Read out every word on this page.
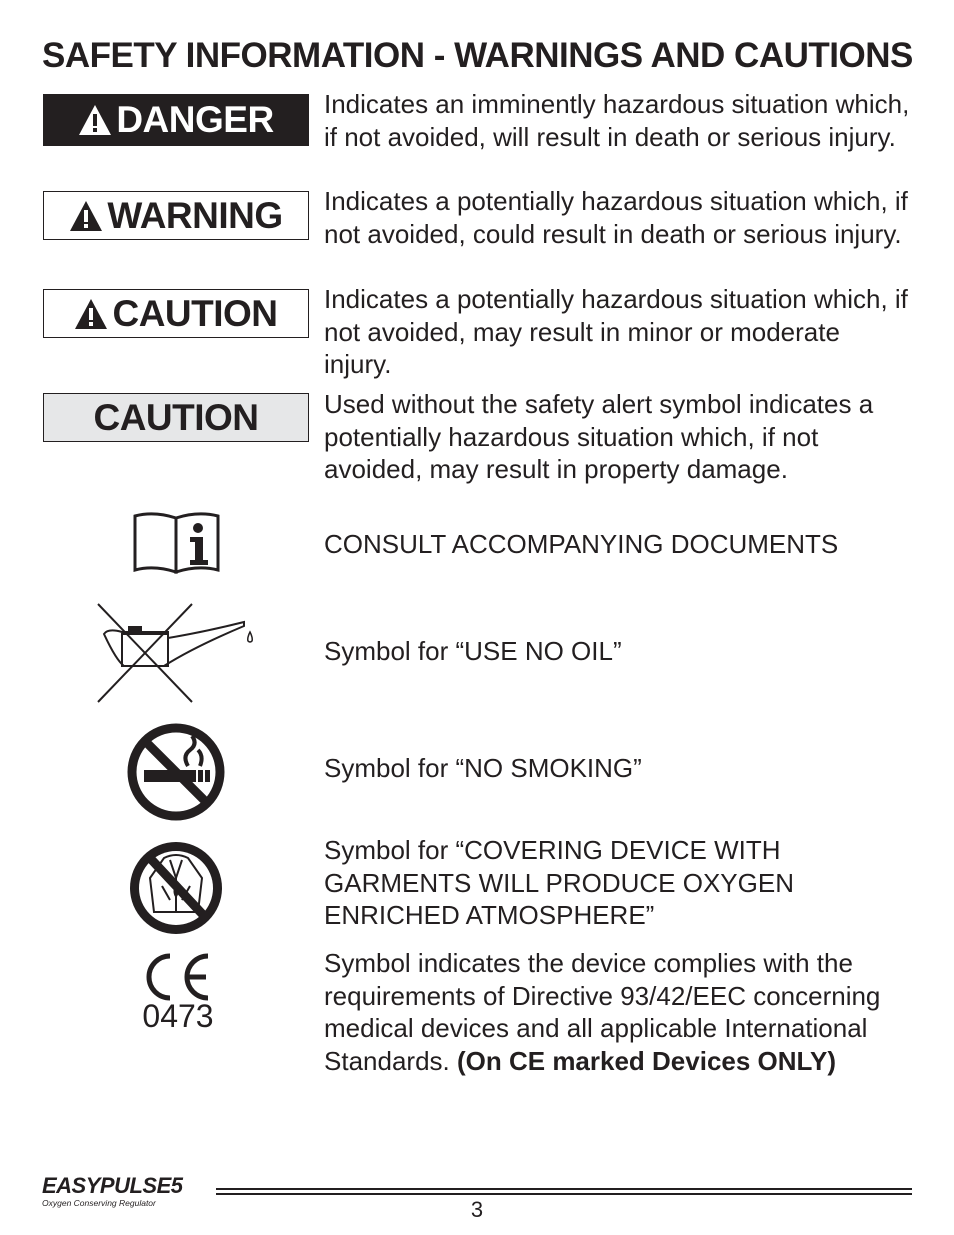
SAFETY INFORMATION - WARNINGS AND CAUTIONS
DANGER Indicates an imminently hazardous situation which, if not avoided, will result in death or serious injury.
WARNING Indicates a potentially hazardous situation which, if not avoided, could result in death or serious injury.
CAUTION Indicates a potentially hazardous situation which, if not avoided, may result in minor or moderate injury.
CAUTION	Used without the safety alert symbol indicates a potentially hazardous situation which, if not avoided, may result in property damage.
CONSULT ACCOMPANYING DOCUMENTS
Symbol for “USE NO OIL”
Symbol for “NO SMOKING”
Symbol for “COVERING DEVICE WITH GARMENTS WILL PRODUCE OXYGEN ENRICHED ATMOSPHERE”
0473
Symbol indicates the device complies with the requirements of Directive 93/42/EEC concerning medical devices and all applicable International Standards. (On CE marked Devices ONLY)
EASYPULSE5
Oxygen Conserving Regulator	3
